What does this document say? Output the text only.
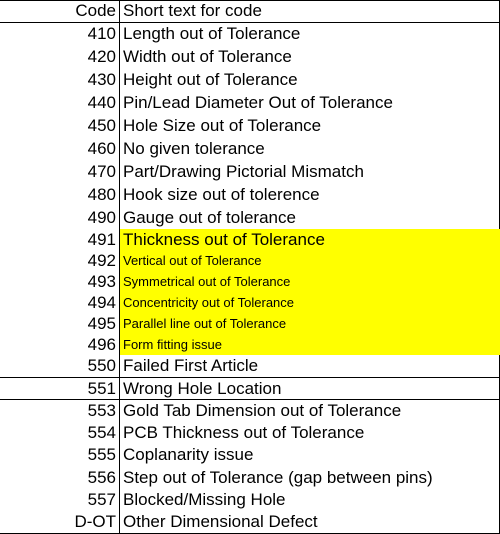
Code Short text for code
410 Length out of Tolerance
420 Width out of Tolerance
430 Height out of Tolerance
440 Pin/Lead Diameter Out of Tolerance
450 Hole Size out of Tolerance
460 No given tolerance
470 Part/Drawing Pictorial Mismatch
480 Hook size out of tolerence
490 Gauge out of tolerance
491 Thickness out of Tolerance
492 Vertical out of Tolerance
493 Symmetrical out of Tolerance
494 Concentricity out of Tolerance
495 Parallel line out of Tolerance
496 Form fitting issue
550 Failed First Article
551 Wrong Hole Location
553 Gold Tab Dimension out of Tolerance
554 PCB Thickness out of Tolerance
555 Coplanarity issue
556 Step out of Tolerance (gap between pins)
557 Blocked/Missing Hole
D-OT Other Dimensional Defect
